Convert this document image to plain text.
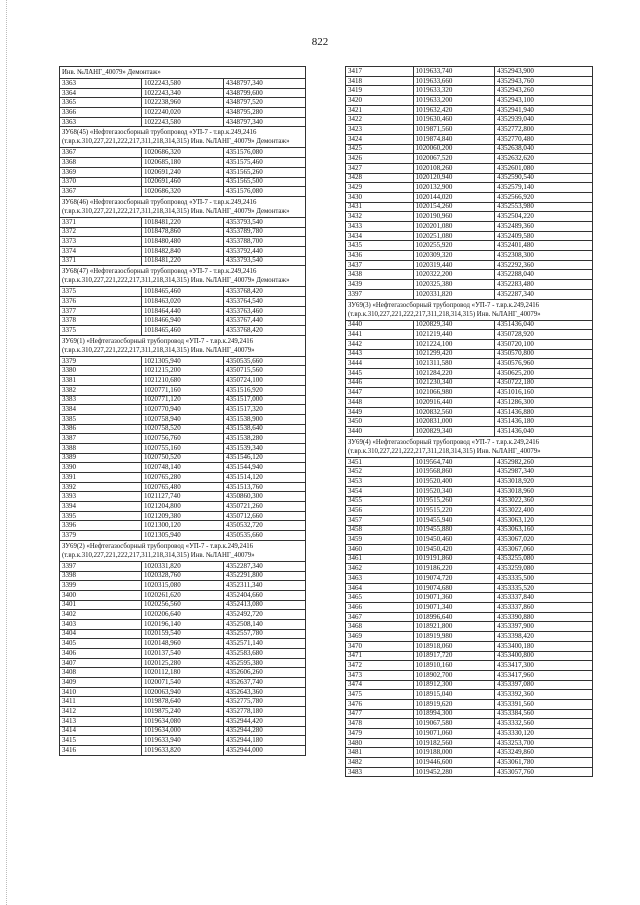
822
Инв. №ЛАНГ_40079» Демонтаж»		
3363	1022243,580	4348797,340
3364	1022243,340	4348799,600
3365	1022238,960	4348797,520
3366	1022240,020	4348795,280
3363	1022243,580	4348797,340
ЗУ68(45) «Нефтегазосборный трубопровод «УП-7 - т.вр.к.249,2416 (т.вр.к.310,227,221,222,217,311,218,314,315) Инв. №ЛАНГ_40079» Демонтаж»		
3367	1020686,320	4351576,080
3368	1020685,180	4351575,460
3369	1020691,240	4351565,260
3370	1020691,460	4351565,500
3367	1020686,320	4351576,080
ЗУ68(46) «Нефтегазосборный трубопровод «УП-7 - т.вр.к.249,2416 (т.вр.к.310,227,221,222,217,311,218,314,315) Инв. №ЛАНГ_40079» Демонтаж»		
3371	1018481,220	4353793,540
3372	1018478,860	4353789,780
3373	1018480,480	4353788,700
3374	1018482,840	4353792,440
3371	1018481,220	4353793,540
ЗУ68(47) «Нефтегазосборный трубопровод «УП-7 - т.вр.к.249,2416 (т.вр.к.310,227,221,222,217,311,218,314,315) Инв. №ЛАНГ_40079» Демонтаж»		
3375	1018465,460	4353768,420
3376	1018463,020	4353764,540
3377	1018464,440	4353763,460
3378	1018466,940	4353767,440
3375	1018465,460	4353768,420
ЗУ69(1) «Нефтегазосборный трубопровод «УП-7 - т.вр.к.249,2416 (т.вр.к.310,227,221,222,217,311,218,314,315) Инв. №ЛАНГ_40079»		
3379	1021305,940	4350535,660
3380	1021215,200	4350715,560
3381	1021210,680	4350724,100
3382	1020771,160	4351516,920
3383	1020771,120	4351517,000
3384	1020770,940	4351517,320
3385	1020758,940	4351538,900
3386	1020758,520	4351538,640
3387	1020756,760	4351538,280
3388	1020755,160	4351539,340
3389	1020750,520	4351546,120
3390	1020748,140	4351544,940
3391	1020765,280	4351514,120
3392	1020765,480	4351513,760
3393	1021127,740	4350860,300
3394	1021204,800	4350721,260
3395	1021209,380	4350712,660
3396	1021300,120	4350532,720
3379	1021305,940	4350535,660
ЗУ69(2) «Нефтегазосборный трубопровод «УП-7 - т.вр.к.249,2416 (т.вр.к.310,227,221,222,217,311,218,314,315) Инв. №ЛАНГ_40079»		
3397	1020331,820	4352287,340
3398	1020328,760	4352291,800
3399	1020315,080	4352311,340
3400	1020261,620	4352404,660
3401	1020256,560	4352413,080
3402	1020206,640	4352492,720
3403	1020196,140	4352508,140
3404	1020159,540	4352557,780
3405	1020148,960	4352571,140
3406	1020137,540	4352583,680
3407	1020125,280	4352595,380
3408	1020112,180	4352606,260
3409	1020071,540	4352637,740
3410	1020063,940	4352643,360
3411	1019878,640	4352775,780
3412	1019875,240	4352778,180
3413	1019634,080	4352944,420
3414	1019634,000	4352944,280
3415	1019633,940	4352944,180
3416	1019633,820	4352944,000
3417	1019633,740	4352943,900
3418	1019633,660	4352943,760
3419	1019633,320	4352943,260
3420	1019633,200	4352943,100
3421	1019632,420	4352941,940
3422	1019630,460	4352939,040
3423	1019871,560	4352772,800
3424	1019874,840	4352770,480
3425	1020060,200	4352638,040
3426	1020067,520	4352632,620
3427	1020108,260	4352601,080
3428	1020120,940	4352590,540
3429	1020132,900	4352579,140
3430	1020144,020	4352566,920
3431	1020154,260	4352553,980
3432	1020190,960	4352504,220
3433	1020201,080	4352489,360
3434	1020251,080	4352409,580
3435	1020255,920	4352401,480
3436	1020309,320	4352308,300
3437	1020319,440	4352292,360
3438	1020322,200	4352288,040
3439	1020325,380	4352283,480
3397	1020331,820	4352287,340
ЗУ69(3) «Нефтегазосборный трубопровод «УП-7 - т.вр.к.249,2416 (т.вр.к.310,227,221,222,217,311,218,314,315) Инв. №ЛАНГ_40079»		
3440	1020829,340	4351436,040
3441	1021219,440	4350728,920
3442	1021224,100	4350720,100
3443	1021299,420	4350570,800
3444	1021311,580	4350576,960
3445	1021284,220	4350625,200
3446	1021230,340	4350722,180
3447	1021066,980	4351016,160
3448	1020916,440	4351286,300
3449	1020832,560	4351436,880
3450	1020831,000	4351436,180
3440	1020829,340	4351436,040
ЗУ69(4) «Нефтегазосборный трубопровод «УП-7 - т.вр.к.249,2416 (т.вр.к.310,227,221,222,217,311,218,314,315) Инв. №ЛАНГ_40079»		
3451	1019564,740	4352982,260
3452	1019568,860	4352987,340
3453	1019520,400	4353018,920
3454	1019520,340	4353018,960
3455	1019515,260	4353022,360
3456	1019515,220	4353022,400
3457	1019455,940	4353063,120
3458	1019455,880	4353063,160
3459	1019450,460	4353067,020
3460	1019450,420	4353067,060
3461	1019191,860	4353255,080
3462	1019186,220	4353259,080
3463	1019074,720	4353335,500
3464	1019074,680	4353335,520
3465	1019071,360	4353337,840
3466	1019071,340	4353337,860
3467	1018996,640	4353390,880
3468	1018921,800	4353397,900
3469	1018919,980	4353398,420
3470	1018918,060	4353400,180
3471	1018917,720	4353400,800
3472	1018910,160	4353417,300
3473	1018902,700	4353417,960
3474	1018912,300	4353397,080
3475	1018915,040	4353392,360
3476	1018919,620	4353391,560
3477	1018994,300	4353384,560
3478	1019067,580	4353332,560
3479	1019071,060	4353330,120
3480	1019182,560	4353253,700
3481	1019188,000	4353249,860
3482	1019446,600	4353061,780
3483	1019452,280	4353057,760
